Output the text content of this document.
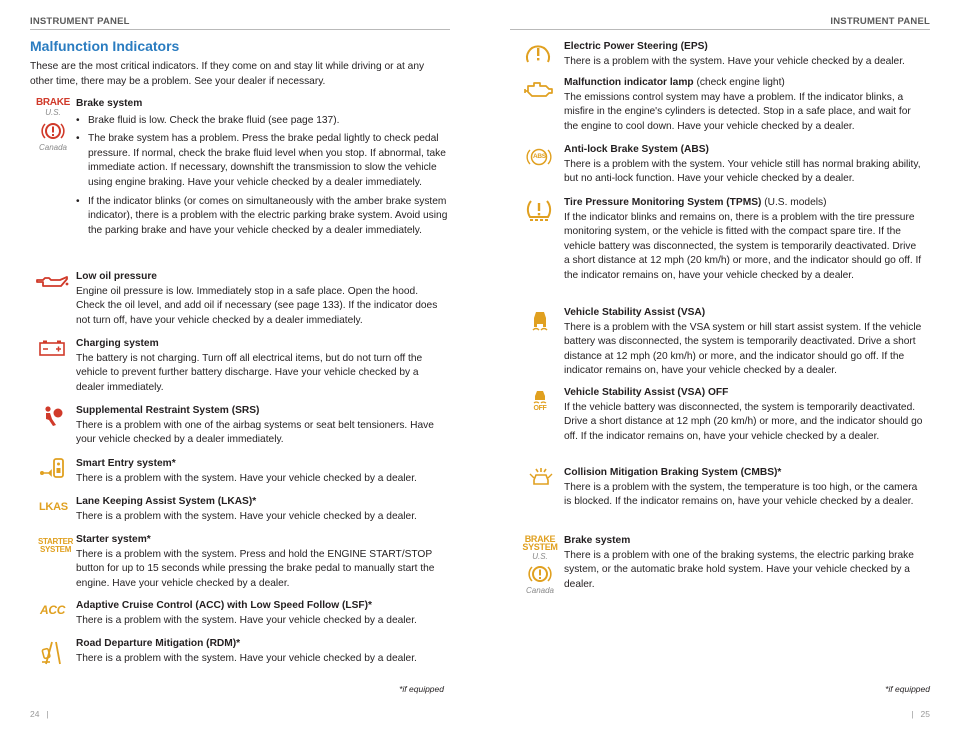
INSTRUMENT PANEL
Malfunction Indicators
These are the most critical indicators. If they come on and stay lit while driving or at any other time, there may be a problem. See your dealer if necessary.
BRAKE
U.S.
Canada
Brake system
• Brake fluid is low. Check the brake fluid (see page 137).
• The brake system has a problem. Press the brake pedal lightly to check pedal pressure. If normal, check the brake fluid level when you stop. If abnormal, take immediate action. If necessary, downshift the transmission to slow the vehicle using engine braking. Have your vehicle checked by a dealer immediately.
• If the indicator blinks (or comes on simultaneously with the amber brake system indicator), there is a problem with the electric parking brake system. Avoid using the parking brake and have your vehicle checked by a dealer immediately.
Low oil pressure
Engine oil pressure is low. Immediately stop in a safe place. Open the hood. Check the oil level, and add oil if necessary (see page 133). If the indicator does not turn off, have your vehicle checked by a dealer immediately.
Charging system
The battery is not charging. Turn off all electrical items, but do not turn off the vehicle to prevent further battery discharge. Have your vehicle checked by a dealer immediately.
Supplemental Restraint System (SRS)
There is a problem with one of the airbag systems or seat belt tensioners. Have your vehicle checked by a dealer immediately.
Smart Entry system*
There is a problem with the system. Have your vehicle checked by a dealer.
LKAS Lane Keeping Assist System (LKAS)*
There is a problem with the system. Have your vehicle checked by a dealer.
STARTER
SYSTEM
Starter system*
There is a problem with the system. Press and hold the ENGINE START/STOP button for up to 15 seconds while pressing the brake pedal to manually start the engine. Have your vehicle checked by a dealer.
ACC Adaptive Cruise Control (ACC) with Low Speed Follow (LSF)*
There is a problem with the system. Have your vehicle checked by a dealer.
Road Departure Mitigation (RDM)*
There is a problem with the system. Have your vehicle checked by a dealer.
*if equipped
24   |
INSTRUMENT PANEL
Electric Power Steering (EPS)
There is a problem with the system. Have your vehicle checked by a dealer.
Malfunction indicator lamp (check engine light)
The emissions control system may have a problem. If the indicator blinks, a misfire in the engine's cylinders is detected. Stop in a safe place, and wait for the engine to cool down. Have your vehicle checked by a dealer.
ABS
Anti-lock Brake System (ABS)
There is a problem with the system. Your vehicle still has normal braking ability, but no anti-lock function. Have your vehicle checked by a dealer.
Tire Pressure Monitoring System (TPMS) (U.S. models)
If the indicator blinks and remains on, there is a problem with the tire pressure monitoring system, or the vehicle is fitted with the compact spare tire. If the vehicle battery was disconnected, the system is temporarily deactivated. Drive a short distance at 12 mph (20 km/h) or more, and the indicator should go off. If the indicator remains on, have your vehicle checked by a dealer.
Vehicle Stability Assist (VSA)
There is a problem with the VSA system or hill start assist system. If the vehicle battery was disconnected, the system is temporarily deactivated. Drive a short distance at 12 mph (20 km/h) or more, and the indicator should go off. If the indicator remains on, have your vehicle checked by a dealer.
OFF
Vehicle Stability Assist (VSA) OFF
If the vehicle battery was disconnected, the system is temporarily deactivated. Drive a short distance at 12 mph (20 km/h) or more, and the indicator should go off. If the indicator remains on, have your vehicle checked by a dealer.
Collision Mitigation Braking System (CMBS)*
There is a problem with the system, the temperature is too high, or the camera is blocked. If the indicator remains on, have your vehicle checked by a dealer.
BRAKE
SYSTEM
U.S.
Canada
Brake system
There is a problem with one of the braking systems, the electric parking brake system, or the automatic brake hold system. Have your vehicle checked by a dealer.
*if equipped
|   25
